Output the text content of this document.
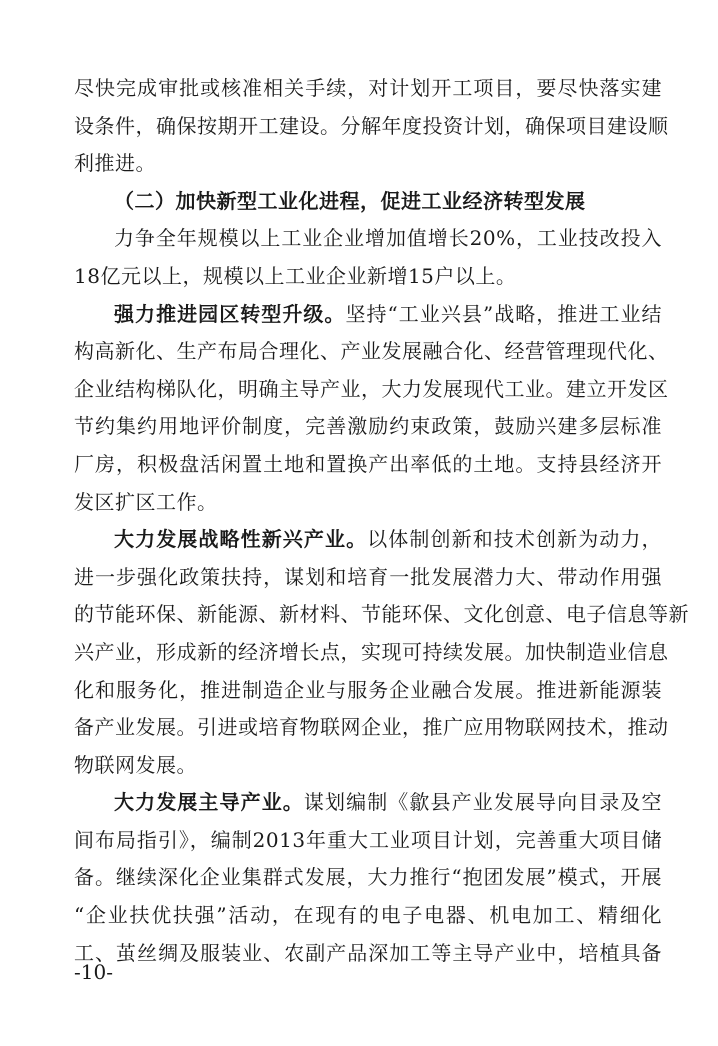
尽快完成审批或核准相关手续，对计划开工项目，要尽快落实建
设条件，确保按期开工建设。分解年度投资计划，确保项目建设顺
利推进。
（二）加快新型工业化进程，促进工业经济转型发展
力争全年规模以上工业企业增加值增长20%，工业技改投入
18亿元以上，规模以上工业企业新增15户以上。
强力推进园区转型升级。坚持“工业兴县”战略，推进工业结
构高新化、生产布局合理化、产业发展融合化、经营管理现代化、
企业结构梯队化，明确主导产业，大力发展现代工业。建立开发区
节约集约用地评价制度，完善激励约束政策，鼓励兴建多层标准
厂房，积极盘活闲置土地和置换产出率低的土地。支持县经济开
发区扩区工作。
大力发展战略性新兴产业。以体制创新和技术创新为动力，
进一步强化政策扶持，谋划和培育一批发展潜力大、带动作用强
的节能环保、新能源、新材料、节能环保、文化创意、电子信息等新
兴产业，形成新的经济增长点，实现可持续发展。加快制造业信息
化和服务化，推进制造企业与服务企业融合发展。推进新能源装
备产业发展。引进或培育物联网企业，推广应用物联网技术，推动
物联网发展。
大力发展主导产业。谋划编制《歙县产业发展导向目录及空
间布局指引》，编制2013年重大工业项目计划，完善重大项目储
备。继续深化企业集群式发展，大力推行“抱团发展”模式，开展
“企业扶优扶强”活动，在现有的电子电器、机电加工、精细化
工、茧丝绸及服装业、农副产品深加工等主导产业中，培植具备
-10-
